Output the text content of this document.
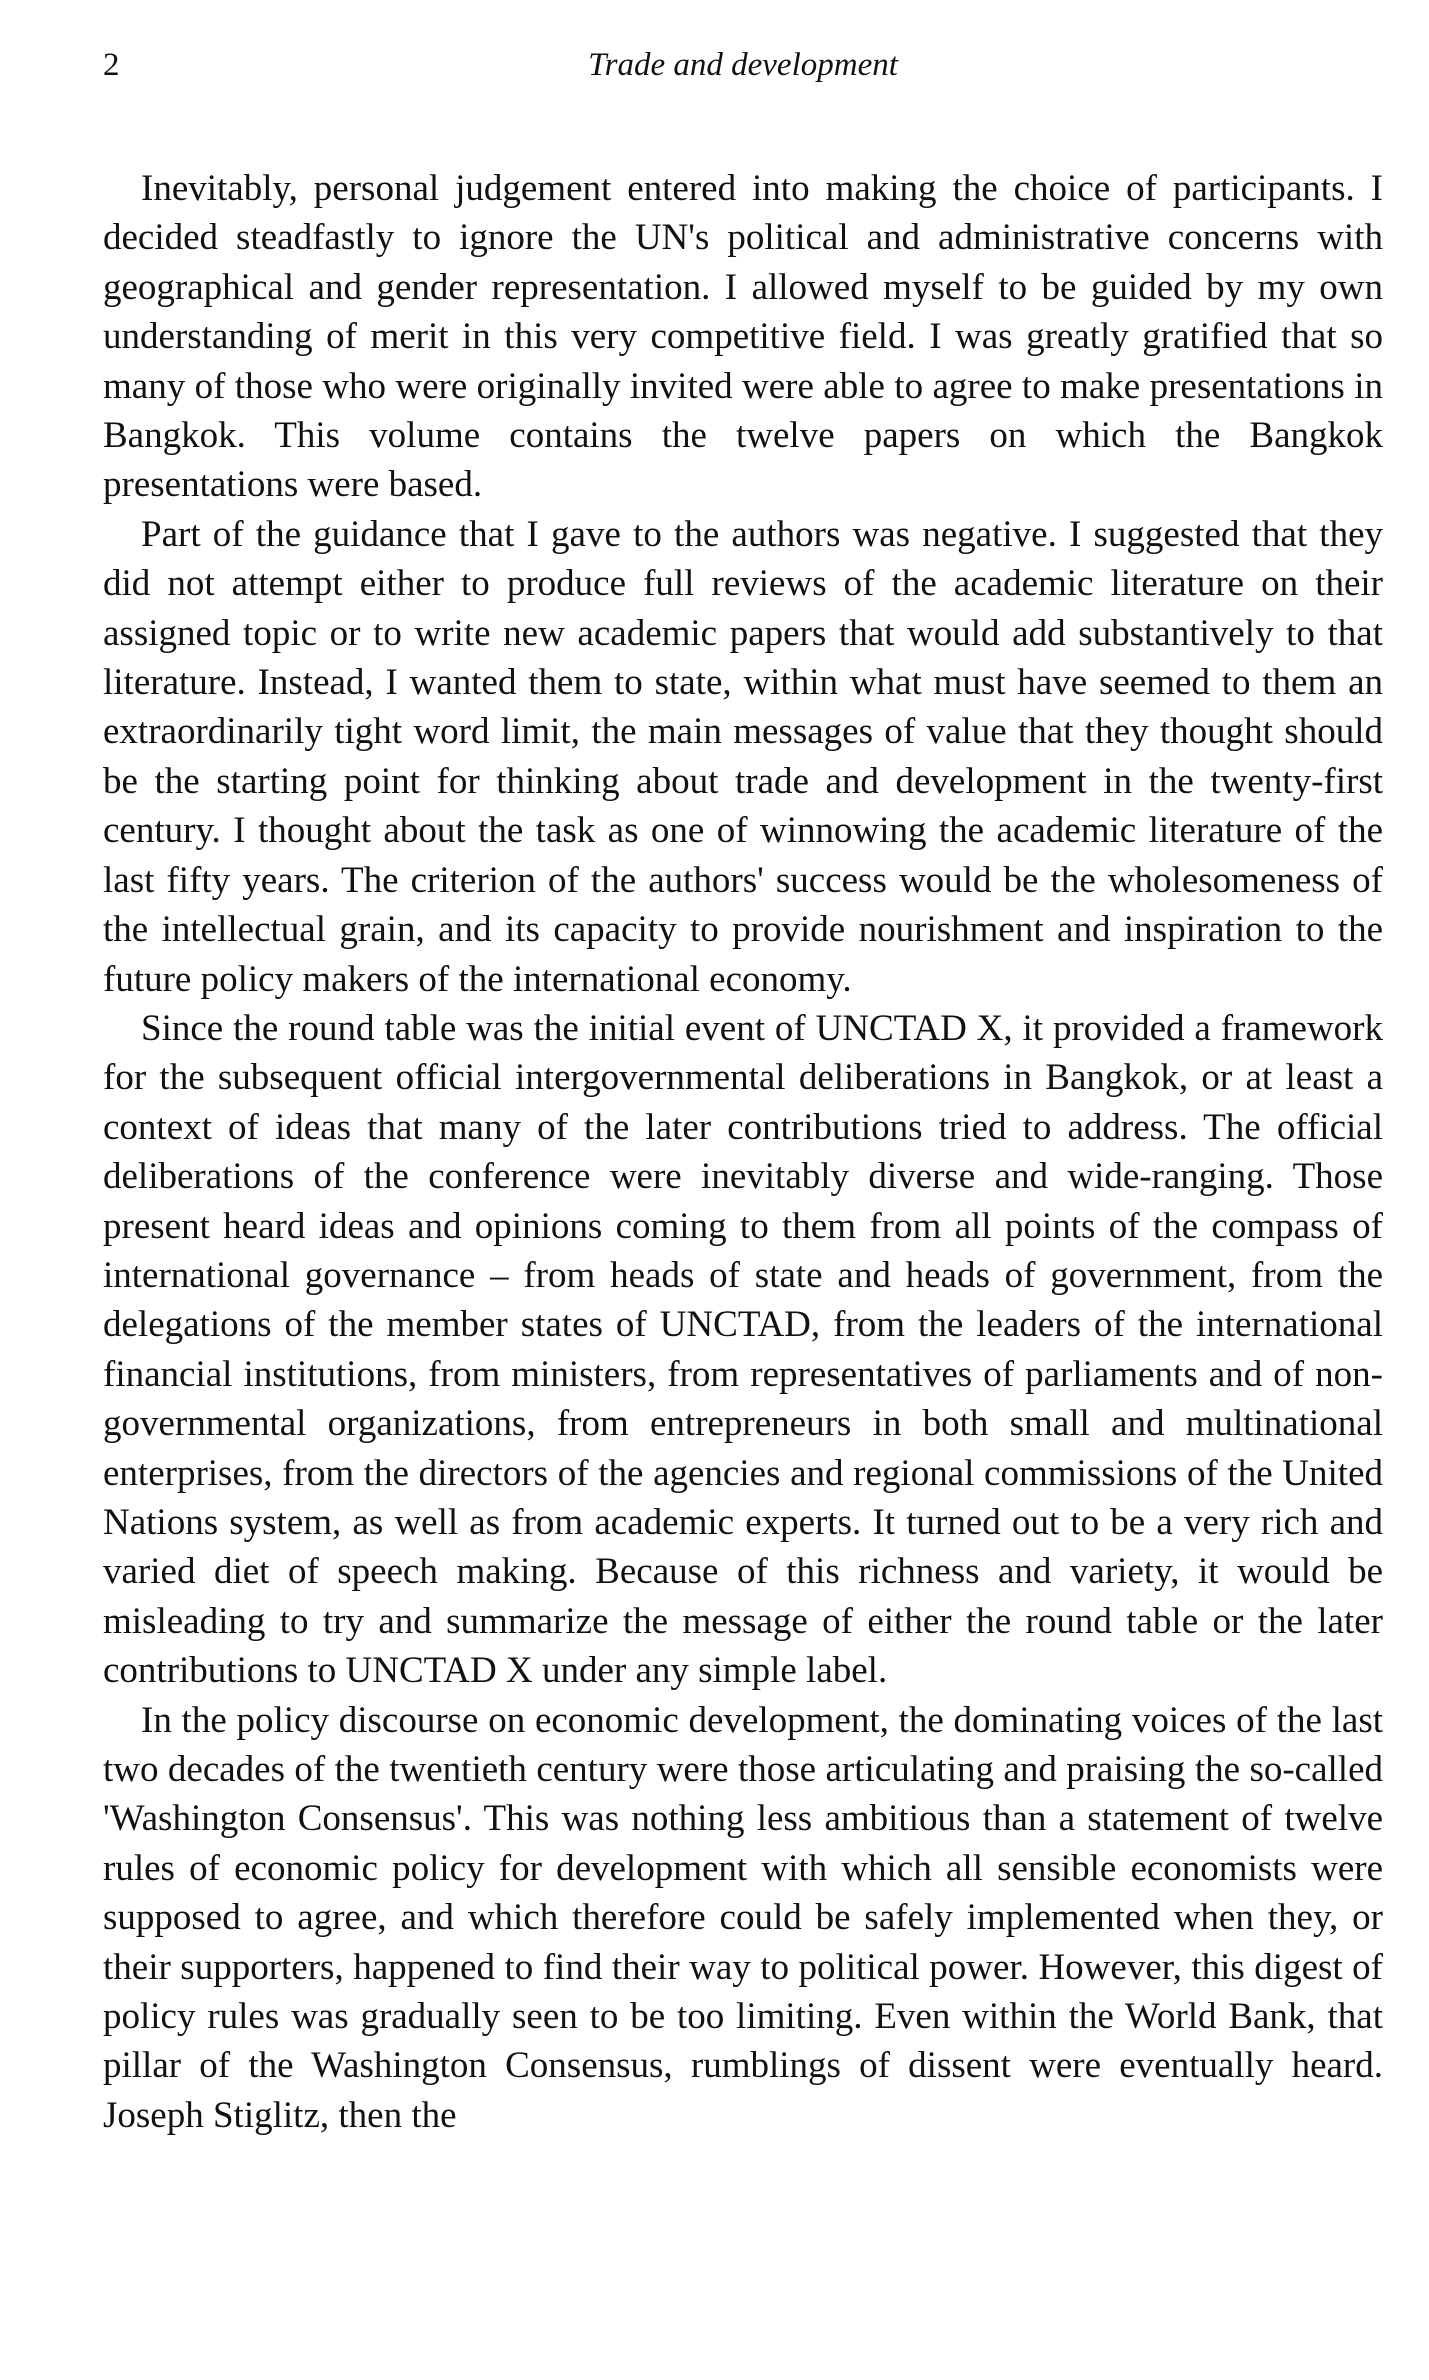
2	Trade and development

Inevitably, personal judgement entered into making the choice of participants. I decided steadfastly to ignore the UN's political and administrative concerns with geographical and gender representation. I allowed myself to be guided by my own understanding of merit in this very competitive field. I was greatly gratified that so many of those who were originally invited were able to agree to make presentations in Bangkok. This volume contains the twelve papers on which the Bangkok presentations were based.

Part of the guidance that I gave to the authors was negative. I suggested that they did not attempt either to produce full reviews of the academic literature on their assigned topic or to write new academic papers that would add substantively to that literature. Instead, I wanted them to state, within what must have seemed to them an extraordinarily tight word limit, the main messages of value that they thought should be the starting point for thinking about trade and development in the twenty-first century. I thought about the task as one of winnowing the academic literature of the last fifty years. The criterion of the authors' success would be the wholesomeness of the intellectual grain, and its capacity to provide nourishment and inspiration to the future policy makers of the international economy.

Since the round table was the initial event of UNCTAD X, it provided a framework for the subsequent official intergovernmental deliberations in Bangkok, or at least a context of ideas that many of the later contributions tried to address. The official deliberations of the conference were inevitably diverse and wide-ranging. Those present heard ideas and opinions coming to them from all points of the compass of international governance – from heads of state and heads of government, from the delegations of the member states of UNCTAD, from the leaders of the international financial institutions, from ministers, from representatives of parliaments and of non-governmental organizations, from entrepreneurs in both small and multinational enterprises, from the directors of the agencies and regional commissions of the United Nations system, as well as from academic experts. It turned out to be a very rich and varied diet of speech making. Because of this richness and variety, it would be misleading to try and summarize the message of either the round table or the later contributions to UNCTAD X under any simple label.

In the policy discourse on economic development, the dominating voices of the last two decades of the twentieth century were those articulating and praising the so-called 'Washington Consensus'. This was nothing less ambitious than a statement of twelve rules of economic policy for development with which all sensible economists were supposed to agree, and which therefore could be safely implemented when they, or their supporters, happened to find their way to political power. However, this digest of policy rules was gradually seen to be too limiting. Even within the World Bank, that pillar of the Washington Consensus, rumblings of dissent were eventually heard. Joseph Stiglitz, then the
